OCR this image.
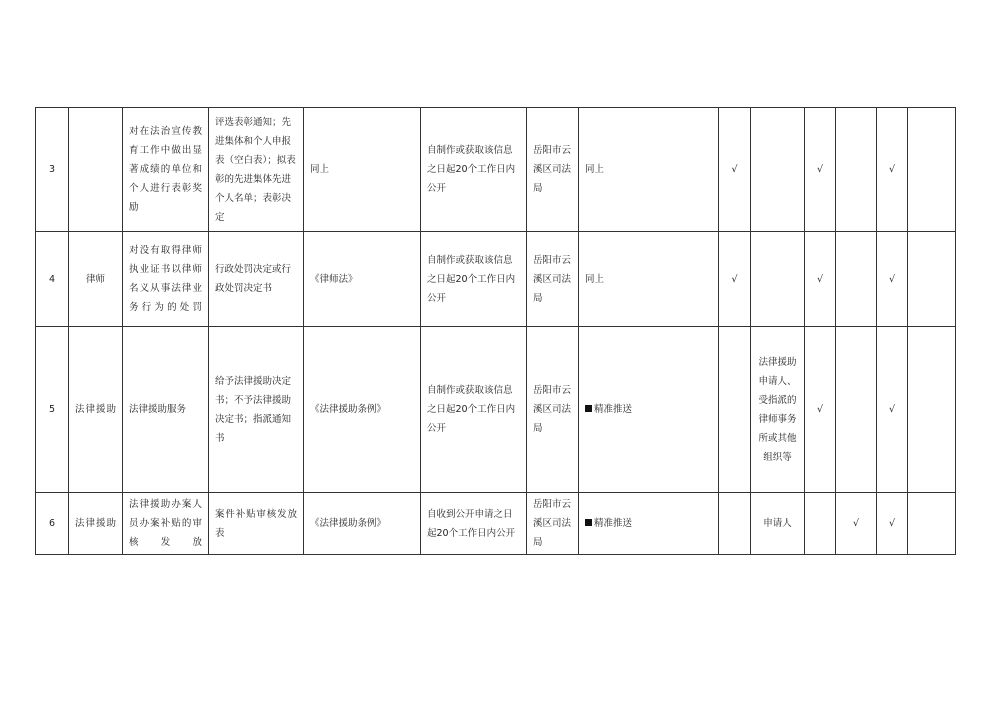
3		对在法治宣传教育工作中做出显著成绩的单位和个人进行表彰奖励	评选表彰通知；先进集体和个人申报表（空白表）；拟表彰的先进集体先进个人名单；表彰决定	同上	自制作或获取该信息之日起20个工作日内公开	岳阳市云溪区司法局	同上	√		√		√	
4	律师	对没有取得律师执业证书以律师名义从事法律业务行为的处罚	行政处罚决定或行政处罚决定书	《律师法》	自制作或获取该信息之日起20个工作日内公开	岳阳市云溪区司法局	同上	√		√		√	
5	法律援助	法律援助服务	给予法律援助决定书；不予法律援助决定书；指派通知书	《法律援助条例》	自制作或获取该信息之日起20个工作日内公开	岳阳市云溪区司法局	精准推送		法律援助申请人、受指派的律师事务所或其他组织等	√		√	
6	法律援助	法律援助办案人员办案补贴的审核发放	案件补贴审核发放表	《法律援助条例》	自收到公开申请之日起20个工作日内公开	岳阳市云溪区司法局	精准推送		申请人		√	√	
